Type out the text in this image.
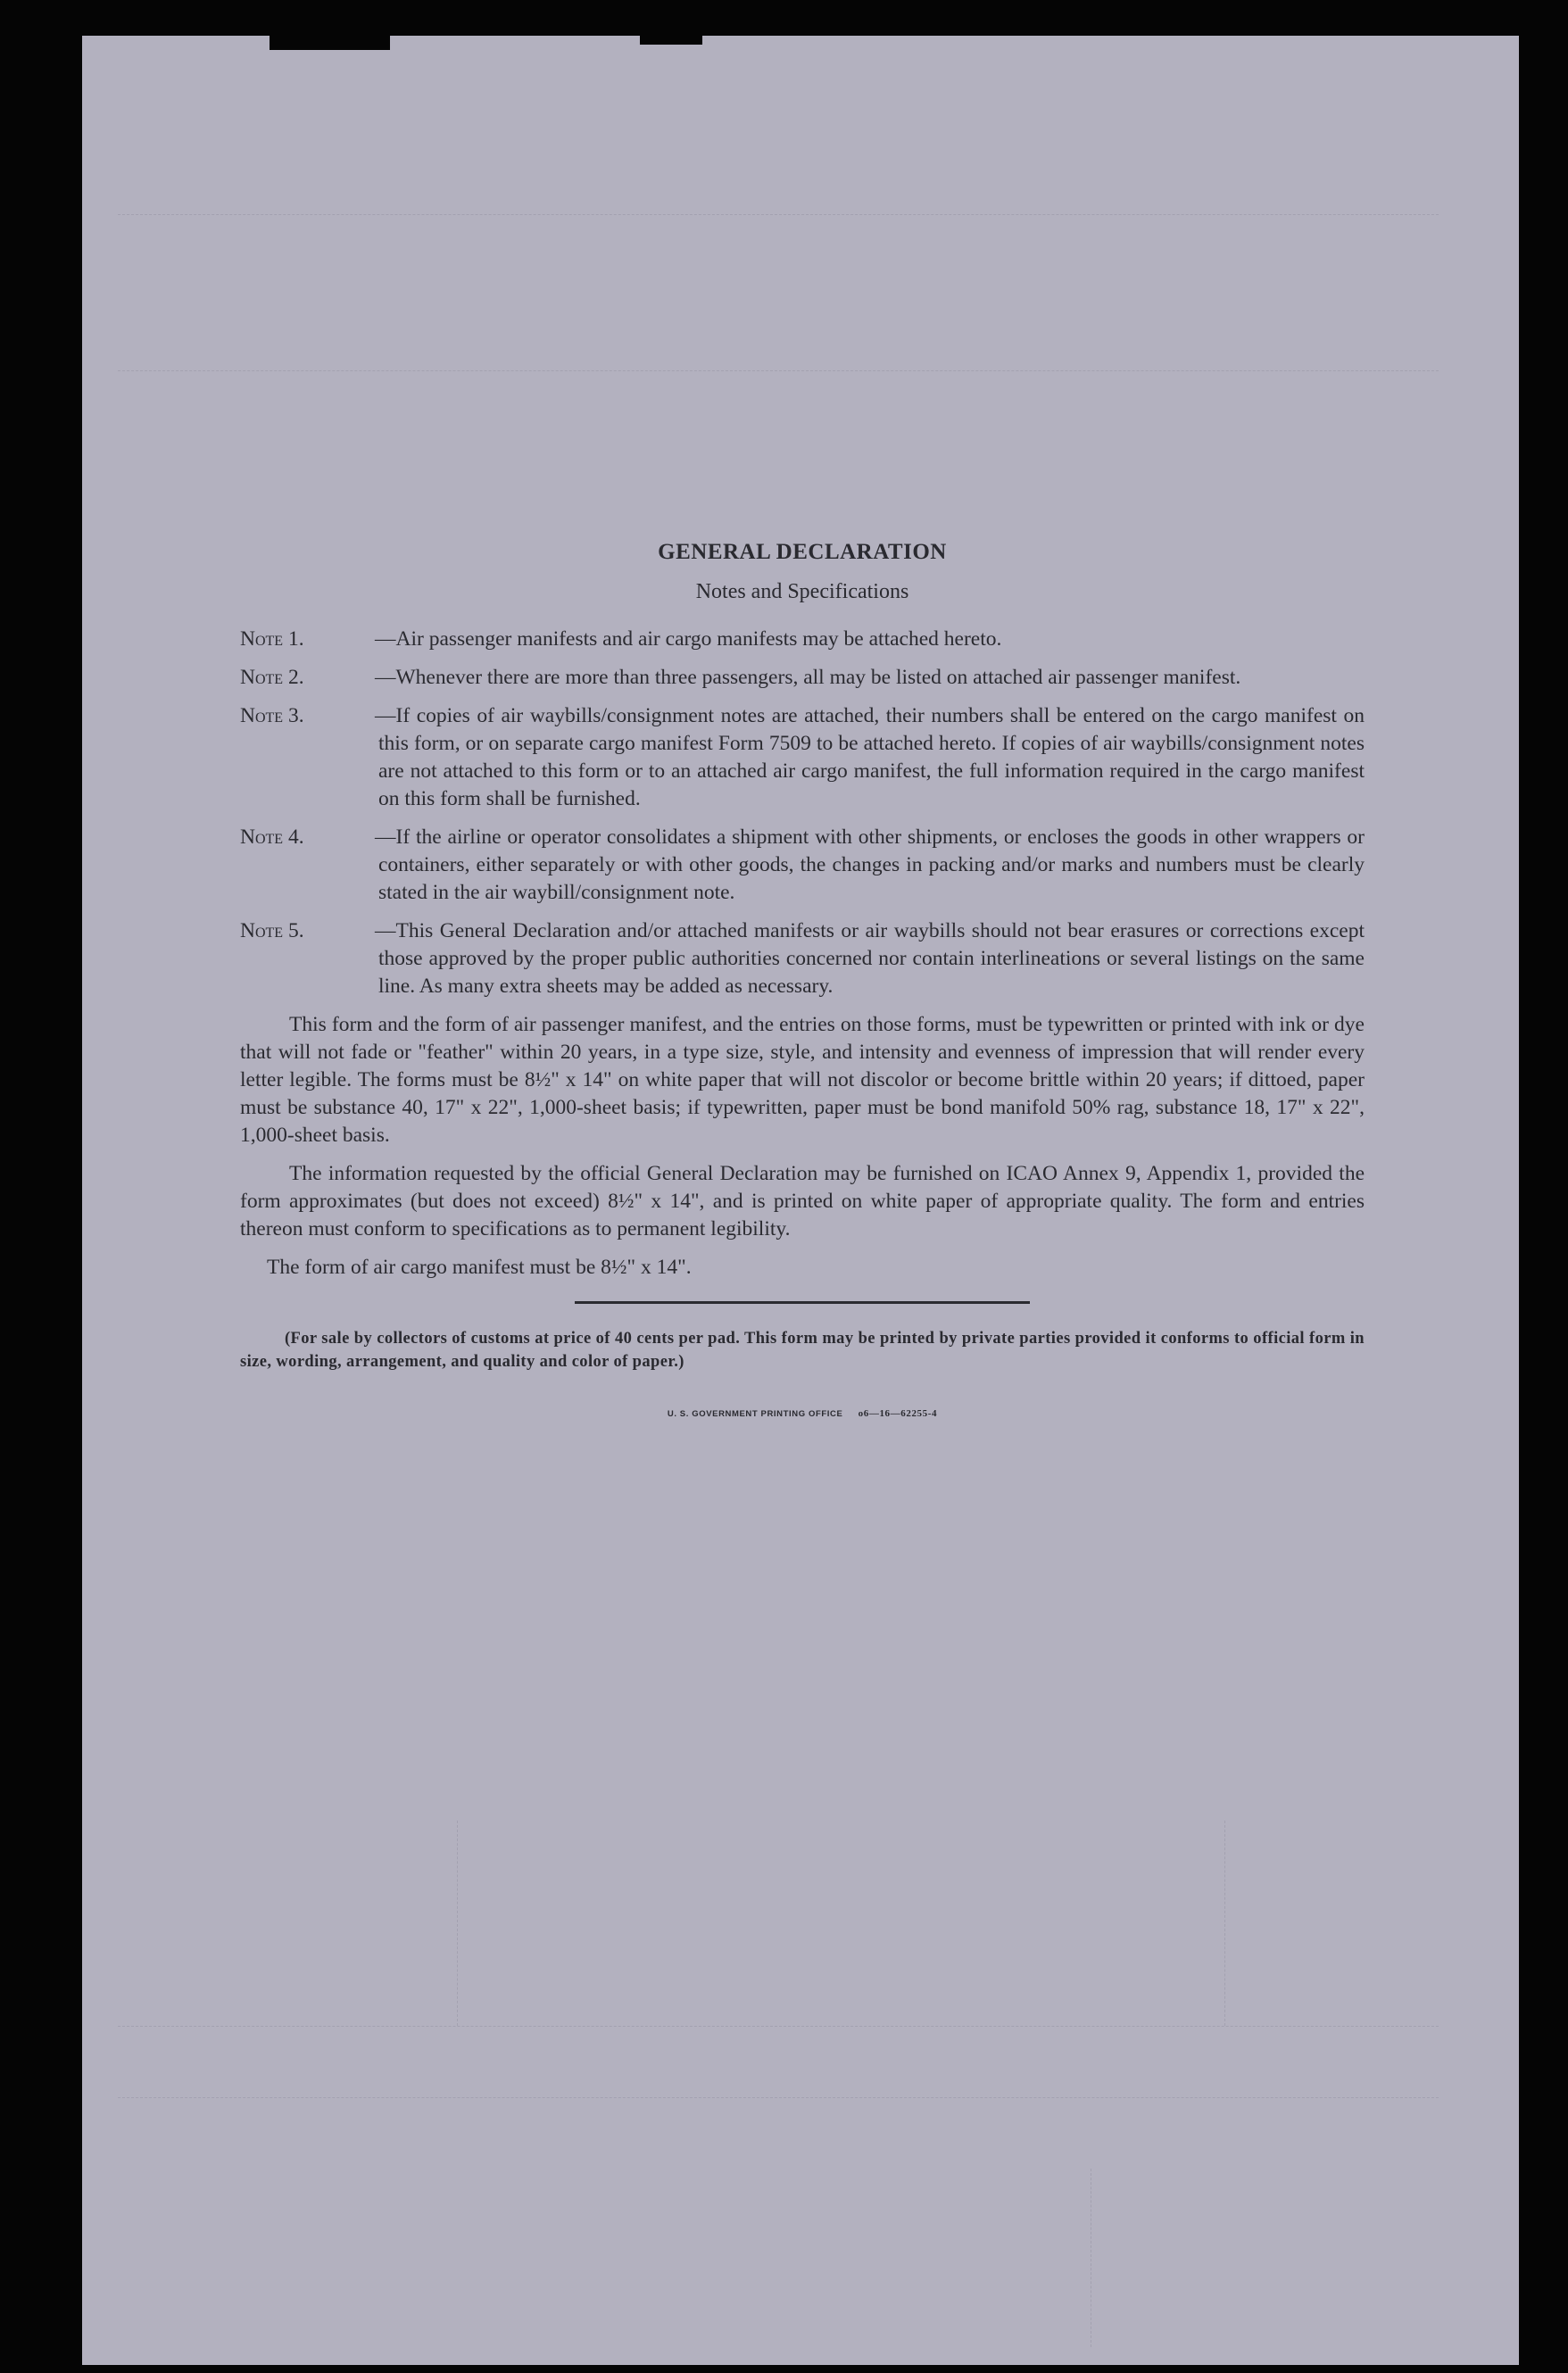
GENERAL DECLARATION
Notes and Specifications
Note 1.	—Air passenger manifests and air cargo manifests may be attached hereto.
Note 2.	—Whenever there are more than three passengers, all may be listed on attached air passenger manifest.
Note 3.	—If copies of air waybills/consignment notes are attached, their numbers shall be entered on the cargo manifest on this form, or on separate cargo manifest Form 7509 to be attached hereto. If copies of air waybills/consignment notes are not attached to this form or to an attached air cargo manifest, the full information required in the cargo manifest on this form shall be furnished.
Note 4.	—If the airline or operator consolidates a shipment with other shipments, or encloses the goods in other wrappers or containers, either separately or with other goods, the changes in packing and/or marks and numbers must be clearly stated in the air waybill/consignment note.
Note 5.	—This General Declaration and/or attached manifests or air waybills should not bear erasures or corrections except those approved by the proper public authorities concerned nor contain interlineations or several listings on the same line. As many extra sheets may be added as necessary.

This form and the form of air passenger manifest, and the entries on those forms, must be typewritten or printed with ink or dye that will not fade or "feather" within 20 years, in a type size, style, and intensity and evenness of impression that will render every letter legible. The forms must be 8½" x 14" on white paper that will not discolor or become brittle within 20 years; if dittoed, paper must be substance 40, 17" x 22", 1,000-sheet basis; if typewritten, paper must be bond manifold 50% rag, substance 18, 17" x 22", 1,000-sheet basis.

The information requested by the official General Declaration may be furnished on ICAO Annex 9, Appendix 1, provided the form approximates (but does not exceed) 8½" x 14", and is printed on white paper of appropriate quality. The form and entries thereon must conform to specifications as to permanent legibility.

The form of air cargo manifest must be 8½" x 14".

(For sale by collectors of customs at price of 40 cents per pad. This form may be printed by private parties provided it conforms to official form in size, wording, arrangement, and quality and color of paper.)

U. S. GOVERNMENT PRINTING OFFICE o6—16—62255-4
